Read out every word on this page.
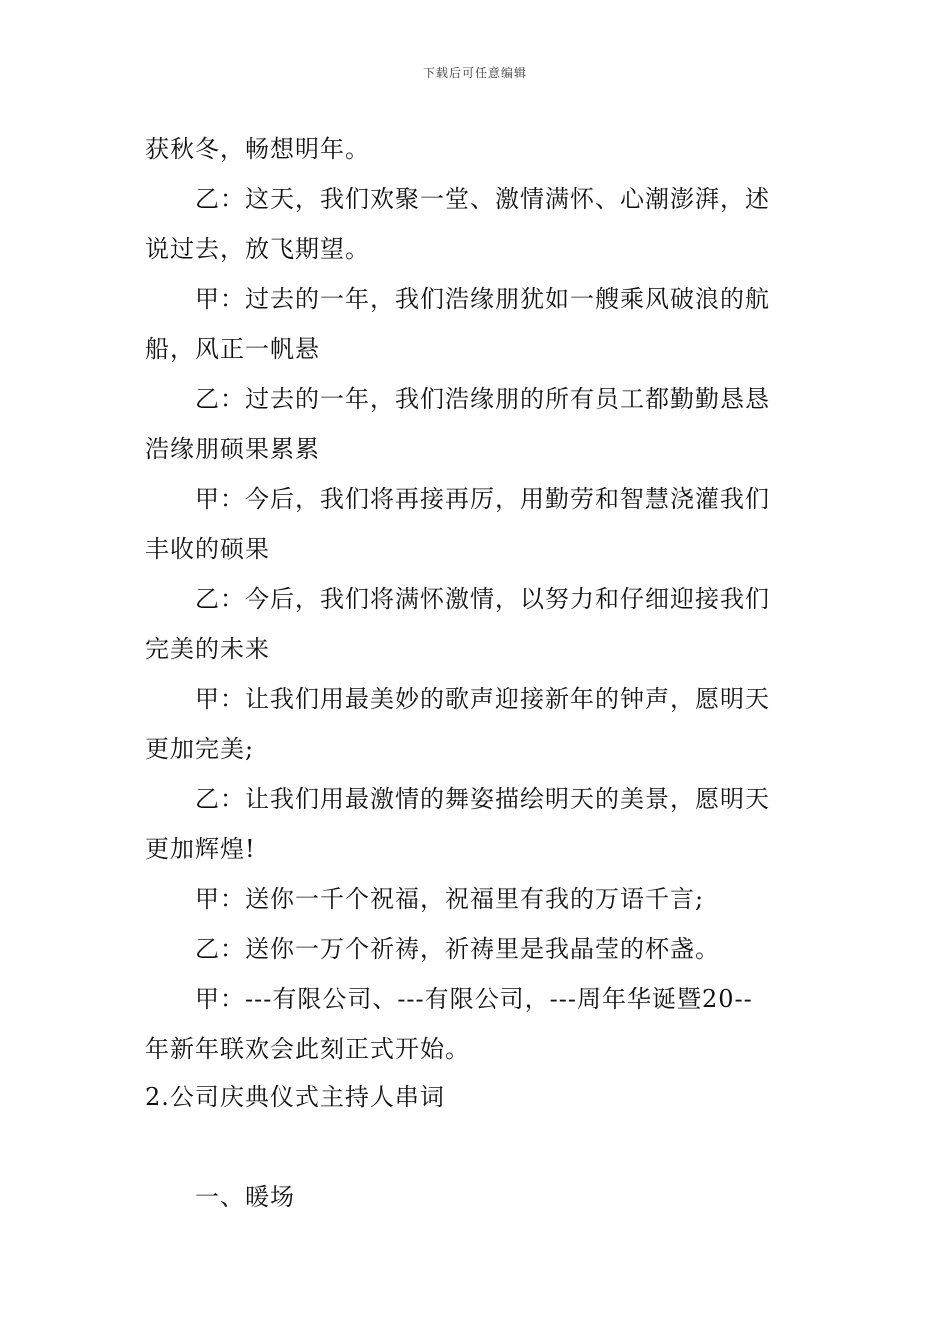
下载后可任意编辑
获秋冬，畅想明年。
乙：这天，我们欢聚一堂、激情满怀、心潮澎湃，述
说过去，放飞期望。
甲：过去的一年，我们浩缘朋犹如一艘乘风破浪的航
船，风正一帆悬
乙：过去的一年，我们浩缘朋的所有员工都勤勤恳恳
浩缘朋硕果累累
甲：今后，我们将再接再厉，用勤劳和智慧浇灌我们
丰收的硕果
乙：今后，我们将满怀激情，以努力和仔细迎接我们
完美的未来
甲：让我们用最美妙的歌声迎接新年的钟声，愿明天
更加完美;
乙：让我们用最激情的舞姿描绘明天的美景，愿明天
更加辉煌!
甲：送你一千个祝福，祝福里有我的万语千言;
乙：送你一万个祈祷，祈祷里是我晶莹的杯盏。
甲：---有限公司、---有限公司，---周年华诞暨20--
年新年联欢会此刻正式开始。
2.公司庆典仪式主持人串词
一、暖场
